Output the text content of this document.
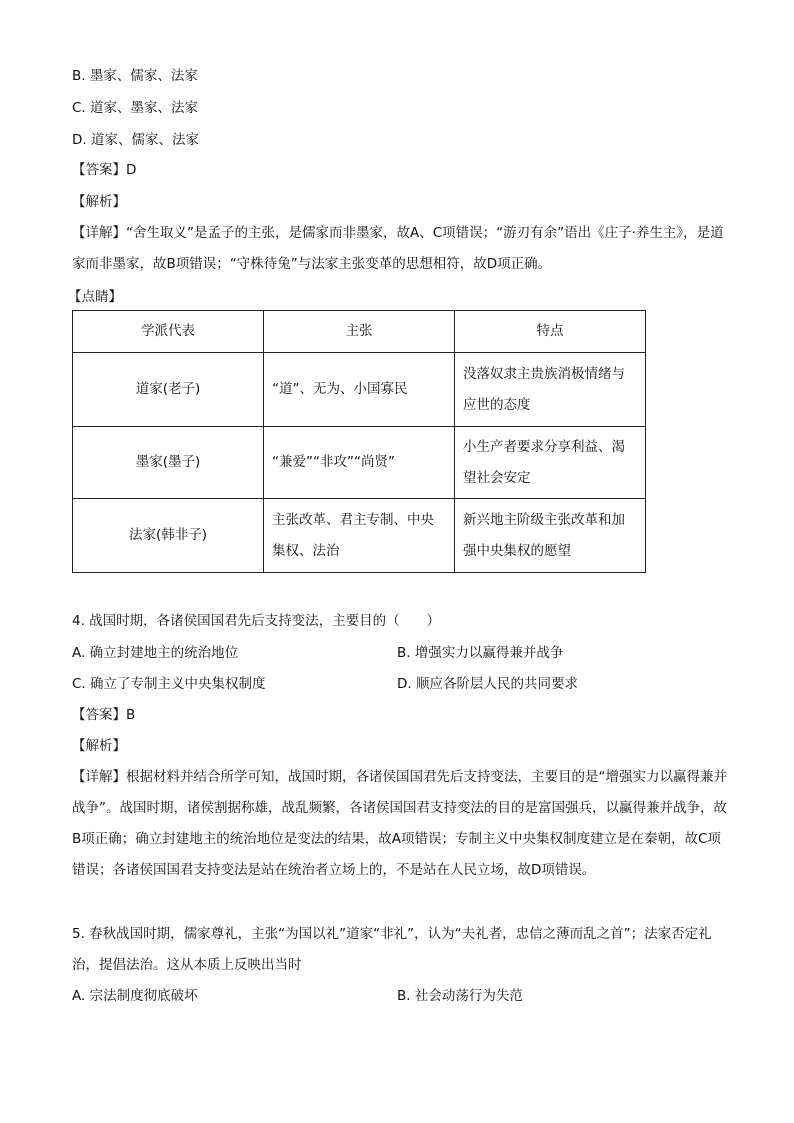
B. 墨家、儒家、法家
C. 道家、墨家、法家
D. 道家、儒家、法家
【答案】D
【解析】
【详解】“舍生取义”是孟子的主张，是儒家而非墨家，故A、C项错误；“游刃有余”语出《庄子·养生主》，是道家而非墨家，故B项错误；“守株待兔”与法家主张变革的思想相符，故D项正确。
【点睛】
学派代表	主张	特点
道家(老子)	“道”、无为、小国寡民	没落奴隶主贵族消极情绪与应世的态度
墨家(墨子)	“兼爱”“非攻”“尚贤”	小生产者要求分享利益、渴望社会安定
法家(韩非子)	主张改革、君主专制、中央集权、法治	新兴地主阶级主张改革和加强中央集权的愿望
4. 战国时期，各诸侯国国君先后支持变法，主要目的（　　）
A. 确立封建地主的统治地位	B. 增强实力以赢得兼并战争
C. 确立了专制主义中央集权制度	D. 顺应各阶层人民的共同要求
【答案】B
【解析】
【详解】根据材料并结合所学可知，战国时期，各诸侯国国君先后支持变法，主要目的是“增强实力以赢得兼并战争”。战国时期，诸侯割据称雄，战乱频繁，各诸侯国国君支持变法的目的是富国强兵，以赢得兼并战争，故B项正确；确立封建地主的统治地位是变法的结果，故A项错误；专制主义中央集权制度建立是在秦朝，故C项错误；各诸侯国国君支持变法是站在统治者立场上的，不是站在人民立场，故D项错误。
5. 春秋战国时期，儒家尊礼，主张“为国以礼”道家“非礼”，认为“夫礼者，忠信之薄而乱之首”；法家否定礼治，提倡法治。这从本质上反映出当时
A. 宗法制度彻底破坏	B. 社会动荡行为失范
